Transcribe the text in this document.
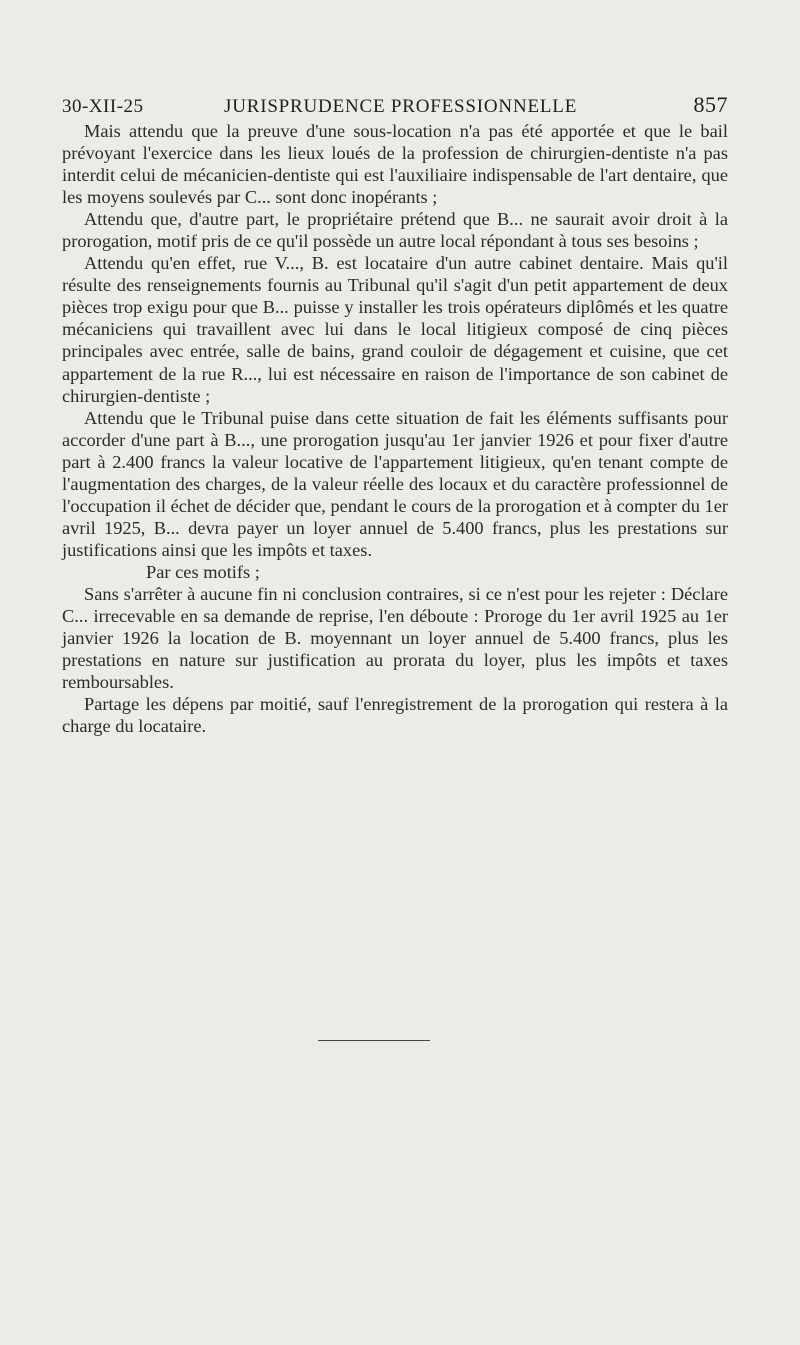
30-XII-25	JURISPRUDENCE PROFESSIONNELLE	857

Mais attendu que la preuve d'une sous-location n'a pas été apportée et que le bail prévoyant l'exercice dans les lieux loués de la profession de chirurgien-dentiste n'a pas interdit celui de mécanicien-dentiste qui est l'auxiliaire indispensable de l'art dentaire, que les moyens soulevés par C... sont donc inopérants ;

Attendu que, d'autre part, le propriétaire prétend que B... ne saurait avoir droit à la prorogation, motif pris de ce qu'il possède un autre local répondant à tous ses besoins ;

Attendu qu'en effet, rue V..., B. est locataire d'un autre cabinet dentaire. Mais qu'il résulte des renseignements fournis au Tribunal qu'il s'agit d'un petit appartement de deux pièces trop exigu pour que B... puisse y installer les trois opérateurs diplômés et les quatre mécaniciens qui travaillent avec lui dans le local litigieux composé de cinq pièces principales avec entrée, salle de bains, grand couloir de dégagement et cuisine, que cet appartement de la rue R..., lui est nécessaire en raison de l'importance de son cabinet de chirurgien-dentiste ;

Attendu que le Tribunal puise dans cette situation de fait les éléments suffisants pour accorder d'une part à B..., une prorogation jusqu'au 1er janvier 1926 et pour fixer d'autre part à 2.400 francs la valeur locative de l'appartement litigieux, qu'en tenant compte de l'augmentation des charges, de la valeur réelle des locaux et du caractère professionnel de l'occupation il échet de décider que, pendant le cours de la prorogation et à compter du 1er avril 1925, B... devra payer un loyer annuel de 5.400 francs, plus les prestations sur justifications ainsi que les impôts et taxes.

Par ces motifs ;

Sans s'arrêter à aucune fin ni conclusion contraires, si ce n'est pour les rejeter : Déclare C... irrecevable en sa demande de reprise, l'en déboute : Proroge du 1er avril 1925 au 1er janvier 1926 la location de B. moyennant un loyer annuel de 5.400 francs, plus les prestations en nature sur justification au prorata du loyer, plus les impôts et taxes remboursables.

Partage les dépens par moitié, sauf l'enregistrement de la prorogation qui restera à la charge du locataire.
